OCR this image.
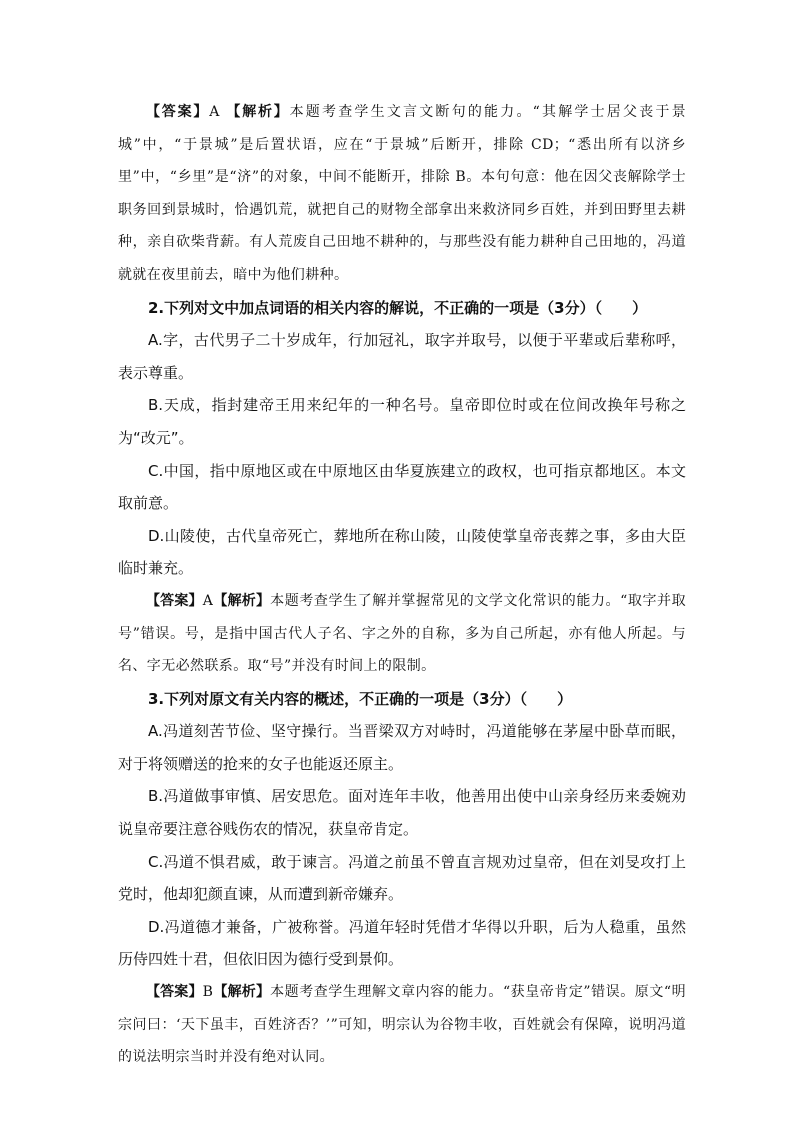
【答案】A 【解析】本题考查学生文言文断句的能力。“其解学士居父丧于景城”中，“于景城”是后置状语，应在“于景城”后断开，排除 CD；“悉出所有以济乡里”中，“乡里”是“济”的对象，中间不能断开，排除 B。本句句意：他在因父丧解除学士职务回到景城时，恰遇饥荒，就把自己的财物全部拿出来救济同乡百姓，并到田野里去耕种，亲自砍柴背薪。有人荒废自己田地不耕种的，与那些没有能力耕种自己田地的，冯道就就在夜里前去，暗中为他们耕种。

2.下列对文中加点词语的相关内容的解说，不正确的一项是（3分）（　　）

A.字，古代男子二十岁成年，行加冠礼，取字并取号，以便于平辈或后辈称呼，表示尊重。

B.天成，指封建帝王用来纪年的一种名号。皇帝即位时或在位间改换年号称之为“改元”。

C.中国，指中原地区或在中原地区由华夏族建立的政权，也可指京都地区。本文取前意。

D.山陵使，古代皇帝死亡，葬地所在称山陵，山陵使掌皇帝丧葬之事，多由大臣临时兼充。

【答案】A【解析】本题考查学生了解并掌握常见的文学文化常识的能力。“取字并取号”错误。号，是指中国古代人子名、字之外的自称，多为自己所起，亦有他人所起。与名、字无必然联系。取“号”并没有时间上的限制。

3.下列对原文有关内容的概述，不正确的一项是（3分）（　　）

A.冯道刻苦节俭、坚守操行。当晋梁双方对峙时，冯道能够在茅屋中卧草而眠，对于将领赠送的抢来的女子也能返还原主。

B.冯道做事审慎、居安思危。面对连年丰收，他善用出使中山亲身经历来委婉劝说皇帝要注意谷贱伤农的情况，获皇帝肯定。

C.冯道不惧君威，敢于谏言。冯道之前虽不曾直言规劝过皇帝，但在刘旻攻打上党时，他却犯颜直谏，从而遭到新帝嫌弃。

D.冯道德才兼备，广被称誉。冯道年轻时凭借才华得以升职，后为人稳重，虽然历侍四姓十君，但依旧因为德行受到景仰。

【答案】B【解析】本题考查学生理解文章内容的能力。“获皇帝肯定”错误。原文“明宗问曰：‘天下虽丰，百姓济否？’”可知，明宗认为谷物丰收，百姓就会有保障，说明冯道的说法明宗当时并没有绝对认同。
